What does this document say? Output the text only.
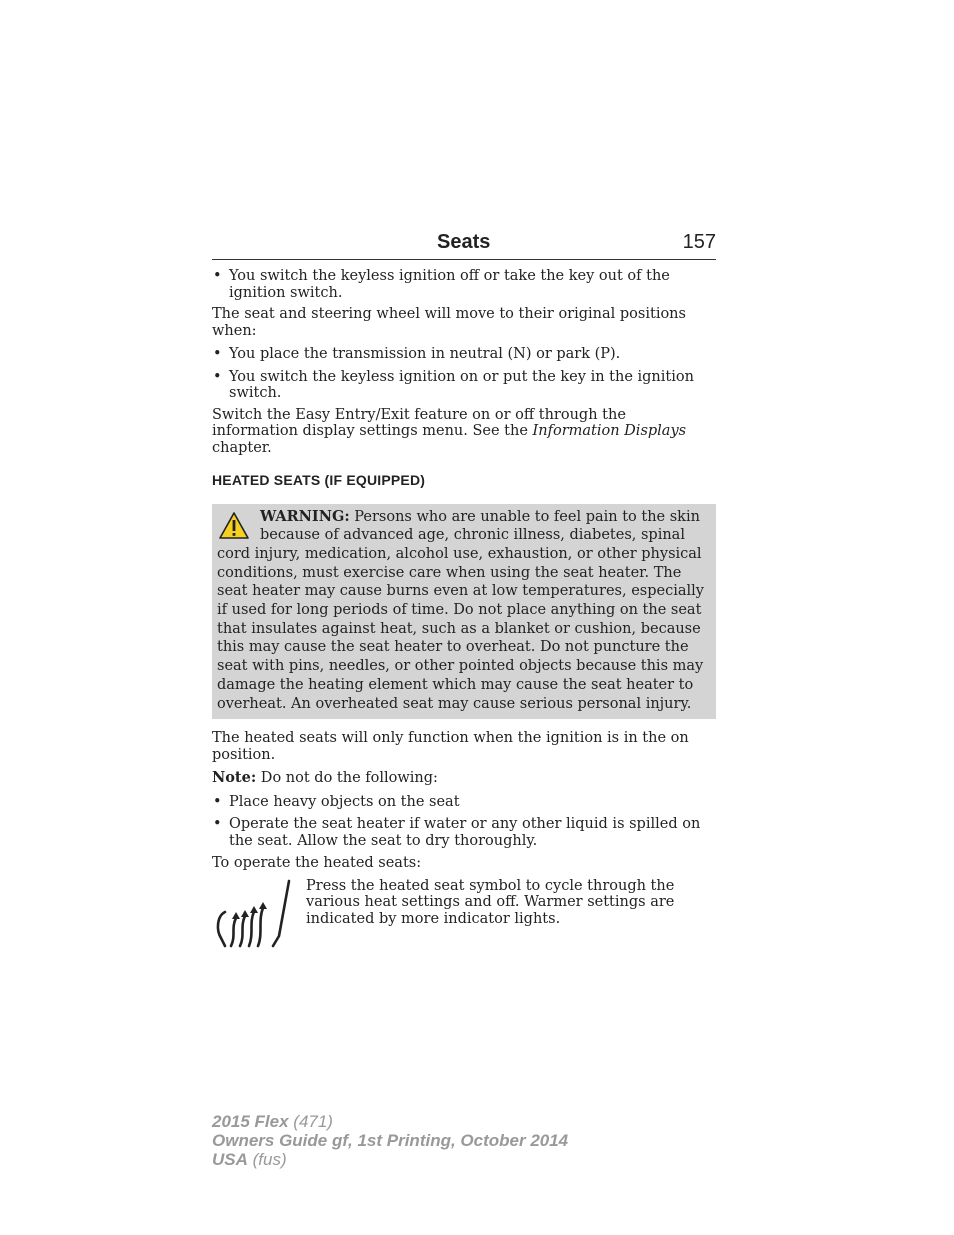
Seats	157

• You switch the keyless ignition off or take the key out of the ignition switch.

The seat and steering wheel will move to their original positions when:

• You place the transmission in neutral (N) or park (P).

• You switch the keyless ignition on or put the key in the ignition switch.

Switch the Easy Entry/Exit feature on or off through the information display settings menu. See the Information Displays chapter.

HEATED SEATS (IF EQUIPPED)

WARNING: Persons who are unable to feel pain to the skin because of advanced age, chronic illness, diabetes, spinal cord injury, medication, alcohol use, exhaustion, or other physical conditions, must exercise care when using the seat heater. The seat heater may cause burns even at low temperatures, especially if used for long periods of time. Do not place anything on the seat that insulates against heat, such as a blanket or cushion, because this may cause the seat heater to overheat. Do not puncture the seat with pins, needles, or other pointed objects because this may damage the heating element which may cause the seat heater to overheat. An overheated seat may cause serious personal injury.

The heated seats will only function when the ignition is in the on position.

Note: Do not do the following:

• Place heavy objects on the seat

• Operate the seat heater if water or any other liquid is spilled on the seat. Allow the seat to dry thoroughly.

To operate the heated seats:

Press the heated seat symbol to cycle through the various heat settings and off. Warmer settings are indicated by more indicator lights.

2015 Flex (471)
Owners Guide gf, 1st Printing, October 2014
USA (fus)
